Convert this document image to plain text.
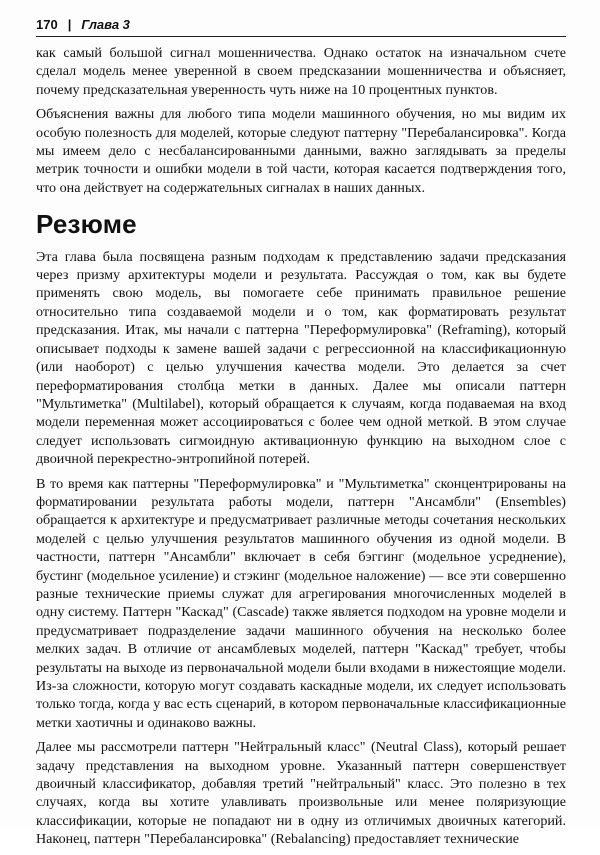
170 | Глава 3

как самый большой сигнал мошенничества. Однако остаток на изначальном счете сделал модель менее уверенной в своем предсказании мошенничества и объясняет, почему предсказательная уверенность чуть ниже на 10 процентных пунктов.

Объяснения важны для любого типа модели машинного обучения, но мы видим их особую полезность для моделей, которые следуют паттерну "Перебалансировка". Когда мы имеем дело с несбалансированными данными, важно заглядывать за пределы метрик точности и ошибки модели в той части, которая касается подтверждения того, что она действует на содержательных сигналах в наших данных.

Резюме

Эта глава была посвящена разным подходам к представлению задачи предсказания через призму архитектуры модели и результата. Рассуждая о том, как вы будете применять свою модель, вы помогаете себе принимать правильное решение относительно типа создаваемой модели и о том, как форматировать результат предсказания. Итак, мы начали с паттерна "Переформулировка" (Reframing), который описывает подходы к замене вашей задачи с регрессионной на классификационную (или наоборот) с целью улучшения качества модели. Это делается за счет переформатирования столбца метки в данных. Далее мы описали паттерн "Мультиметка" (Multilabel), который обращается к случаям, когда подаваемая на вход модели переменная может ассоциироваться с более чем одной меткой. В этом случае следует использовать сигмоидную активационную функцию на выходном слое с двоичной перекрестно-энтропийной потерей.

В то время как паттерны "Переформулировка" и "Мультиметка" сконцентрированы на форматировании результата работы модели, паттерн "Ансамбли" (Ensembles) обращается к архитектуре и предусматривает различные методы сочетания нескольких моделей с целью улучшения результатов машинного обучения из одной модели. В частности, паттерн "Ансамбли" включает в себя бэггинг (модельное усреднение), бустинг (модельное усиление) и стэкинг (модельное наложение) — все эти совершенно разные технические приемы служат для агрегирования многочисленных моделей в одну систему. Паттерн "Каскад" (Cascade) также является подходом на уровне модели и предусматривает подразделение задачи машинного обучения на несколько более мелких задач. В отличие от ансамблевых моделей, паттерн "Каскад" требует, чтобы результаты на выходе из первоначальной модели были входами в нижестоящие модели. Из-за сложности, которую могут создавать каскадные модели, их следует использовать только тогда, когда у вас есть сценарий, в котором первоначальные классификационные метки хаотичны и одинаково важны.

Далее мы рассмотрели паттерн "Нейтральный класс" (Neutral Class), который решает задачу представления на выходном уровне. Указанный паттерн совершенствует двоичный классификатор, добавляя третий "нейтральный" класс. Это полезно в тех случаях, когда вы хотите улавливать произвольные или менее поляризующие классификации, которые не попадают ни в одну из отличимых двоичных категорий. Наконец, паттерн "Перебалансировка" (Rebalancing) предоставляет технические
